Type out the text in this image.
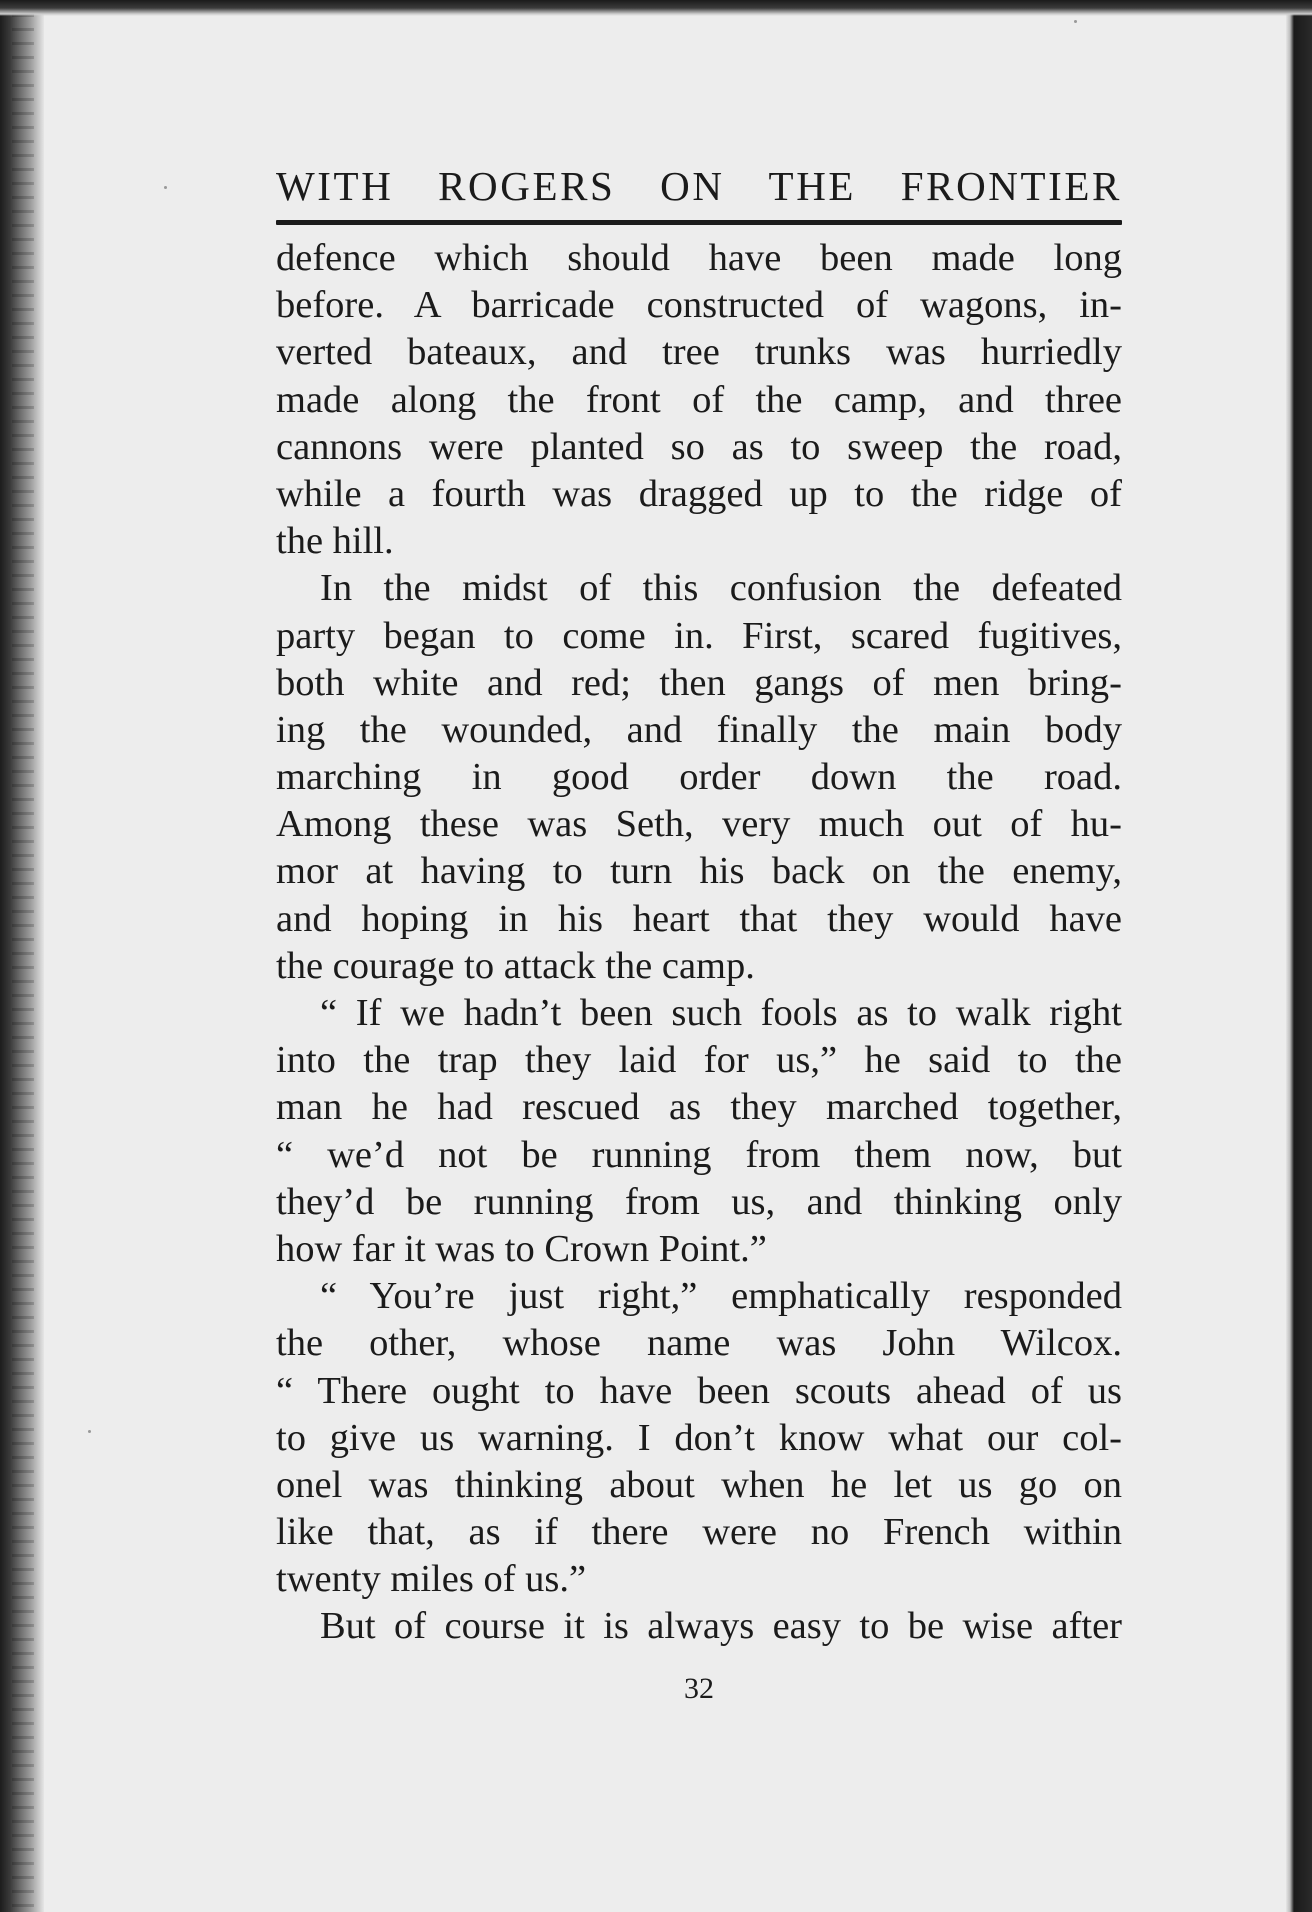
WITH ROGERS ON THE FRONTIER
defence which should have been made long
before. A barricade constructed of wagons, in-
verted bateaux, and tree trunks was hurriedly
made along the front of the camp, and three
cannons were planted so as to sweep the road,
while a fourth was dragged up to the ridge of
the hill.
In the midst of this confusion the defeated
party began to come in. First, scared fugitives,
both white and red; then gangs of men bring-
ing the wounded, and finally the main body
marching in good order down the road.
Among these was Seth, very much out of hu-
mor at having to turn his back on the enemy,
and hoping in his heart that they would have
the courage to attack the camp.
“ If we hadn’t been such fools as to walk right
into the trap they laid for us,” he said to the
man he had rescued as they marched together,
“ we’d not be running from them now, but
they’d be running from us, and thinking only
how far it was to Crown Point.”
“ You’re just right,” emphatically responded
the other, whose name was John Wilcox.
“ There ought to have been scouts ahead of us
to give us warning. I don’t know what our col-
onel was thinking about when he let us go on
like that, as if there were no French within
twenty miles of us.”
But of course it is always easy to be wise after
32
